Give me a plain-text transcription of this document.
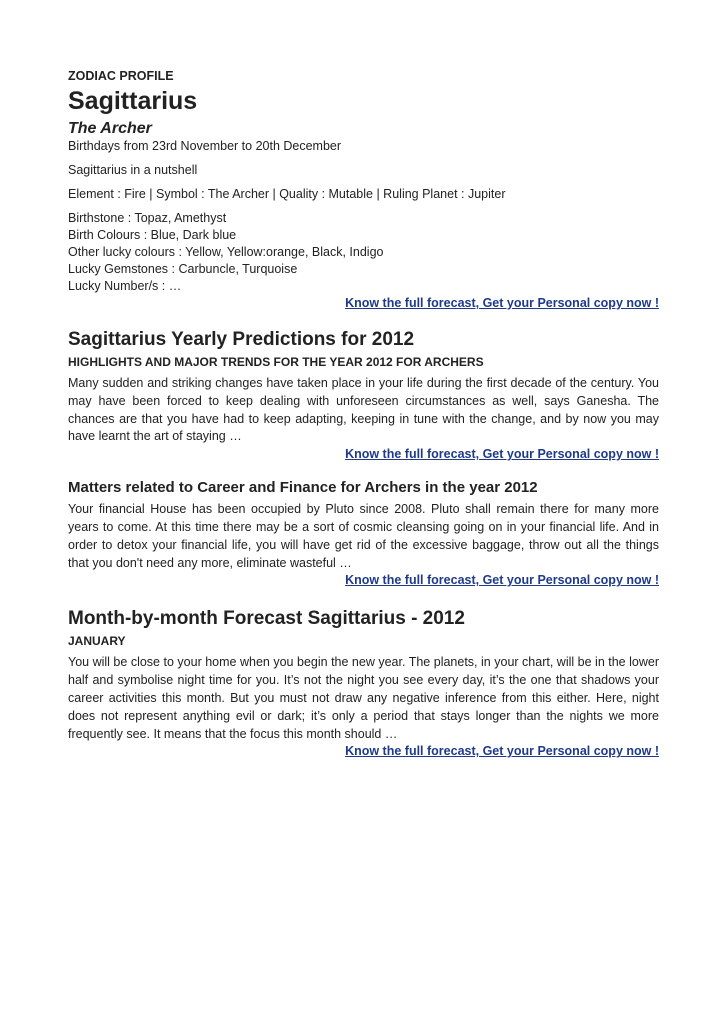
ZODIAC PROFILE
Sagittarius
The Archer
Birthdays from 23rd November to 20th December
Sagittarius in a nutshell
Element : Fire | Symbol : The Archer | Quality : Mutable | Ruling Planet : Jupiter
Birthstone : Topaz, Amethyst
Birth Colours : Blue, Dark blue
Other lucky colours : Yellow, Yellow:orange, Black, Indigo
Lucky Gemstones : Carbuncle, Turquoise
Lucky Number/s : …
Know the full forecast, Get your Personal copy now !
Sagittarius Yearly Predictions for 2012
HIGHLIGHTS AND MAJOR TRENDS FOR THE YEAR 2012 FOR ARCHERS

Many sudden and striking changes have taken place in your life during the first decade of the century. You may have been forced to keep dealing with unforeseen circumstances as well, says Ganesha. The chances are that you have had to keep adapting, keeping in tune with the change, and by now you may have learnt the art of staying …

Know the full forecast, Get your Personal copy now !
Matters related to Career and Finance for Archers in the year 2012

Your financial House has been occupied by Pluto since 2008. Pluto shall remain there for many more years to come. At this time there may be a sort of cosmic cleansing going on in your financial life. And in order to detox your financial life, you will have get rid of the excessive baggage, throw out all the things that you don't need any more, eliminate wasteful …

Know the full forecast, Get your Personal copy now !
Month-by-month Forecast Sagittarius - 2012
JANUARY

You will be close to your home when you begin the new year. The planets, in your chart, will be in the lower half and symbolise night time for you. It’s not the night you see every day, it’s the one that shadows your career activities this month. But you must not draw any negative inference from this either. Here, night does not represent anything evil or dark; it’s only a period that stays longer than the nights we more frequently see. It means that the focus this month should …

Know the full forecast, Get your Personal copy now !
